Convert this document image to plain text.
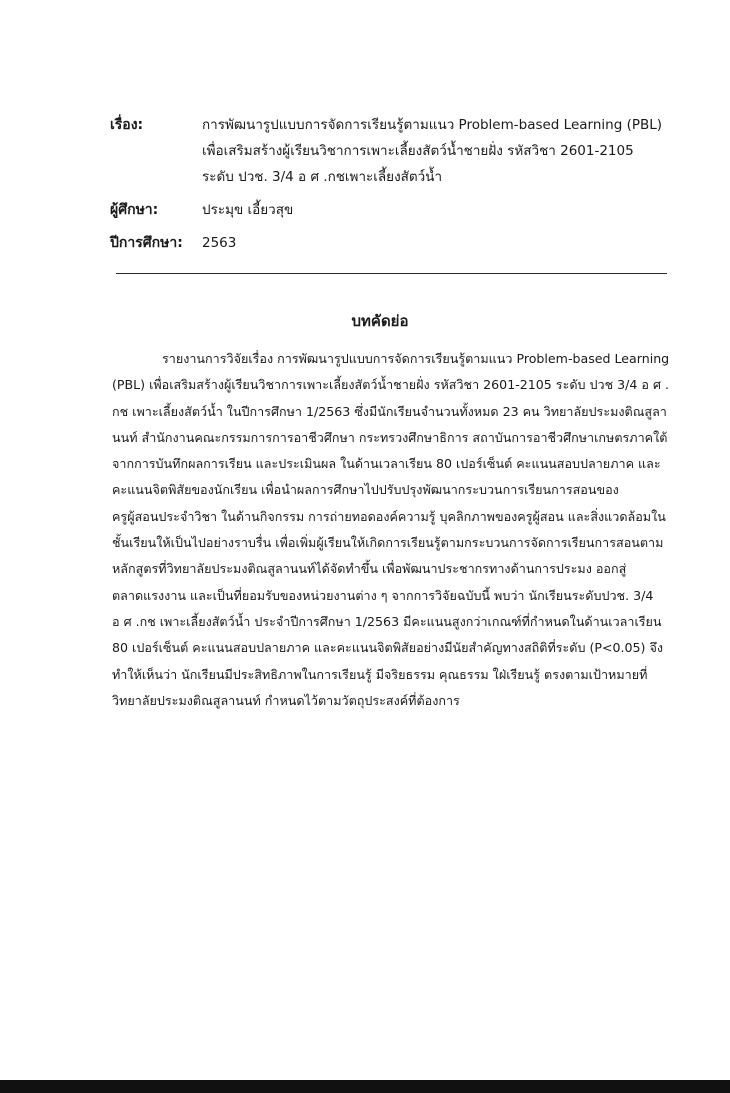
เรื่อง:	การพัฒนารูปแบบการจัดการเรียนรู้ตามแนว Problem-based Learning (PBL)
เพื่อเสริมสร้างผู้เรียนวิชาการเพาะเลี้ยงสัตว์น้ำชายฝั่ง รหัสวิชา 2601-2105
ระดับ ปวช. 3/4 อ ศ .กชเพาะเลี้ยงสัตว์น้ำ
ผู้ศึกษา:	ประมุข เอี้ยวสุข
ปีการศึกษา:	2563
บทคัดย่อ
รายงานการวิจัยเรื่อง การพัฒนารูปแบบการจัดการเรียนรู้ตามแนว Problem-based Learning
(PBL) เพื่อเสริมสร้างผู้เรียนวิชาการเพาะเลี้ยงสัตว์น้ำชายฝั่ง รหัสวิชา 2601-2105 ระดับ ปวช 3/4 อ ศ .
กช เพาะเลี้ยงสัตว์น้ำ ในปีการศึกษา 1/2563 ซึ่งมีนักเรียนจำนวนทั้งหมด 23 คน วิทยาลัยประมงติณสูลา
นนท์ สำนักงานคณะกรรมการการอาชีวศึกษา กระทรวงศึกษาธิการ สถาบันการอาชีวศึกษาเกษตรภาคใต้
จากการบันทึกผลการเรียน และประเมินผล ในด้านเวลาเรียน 80 เปอร์เซ็นต์ คะแนนสอบปลายภาค และ
คะแนนจิตพิสัยของนักเรียน เพื่อนำผลการศึกษาไปปรับปรุงพัฒนากระบวนการเรียนการสอนของ
ครูผู้สอนประจำวิชา ในด้านกิจกรรม การถ่ายทอดองค์ความรู้ บุคลิกภาพของครูผู้สอน และสิ่งแวดล้อมใน
ชั้นเรียนให้เป็นไปอย่างราบรื่น เพื่อเพิ่มผู้เรียนให้เกิดการเรียนรู้ตามกระบวนการจัดการเรียนการสอนตาม
หลักสูตรที่วิทยาลัยประมงติณสูลานนท์ได้จัดทำขึ้น เพื่อพัฒนาประชากรทางด้านการประมง ออกสู่
ตลาดแรงงาน และเป็นที่ยอมรับของหน่วยงานต่าง ๆ จากการวิจัยฉบับนี้ พบว่า นักเรียนระดับปวช. 3/4
อ ศ .กช เพาะเลี้ยงสัตว์น้ำ ประจำปีการศึกษา 1/2563 มีคะแนนสูงกว่าเกณฑ์ที่กำหนดในด้านเวลาเรียน
80 เปอร์เซ็นต์ คะแนนสอบปลายภาค และคะแนนจิตพิสัยอย่างมีนัยสำคัญทางสถิติที่ระดับ (P<0.05) จึง
ทำให้เห็นว่า นักเรียนมีประสิทธิภาพในการเรียนรู้ มีจริยธรรม คุณธรรม ใฝ่เรียนรู้ ตรงตามเป้าหมายที่
วิทยาลัยประมงติณสูลานนท์ กำหนดไว้ตามวัตถุประสงค์ที่ต้องการ
